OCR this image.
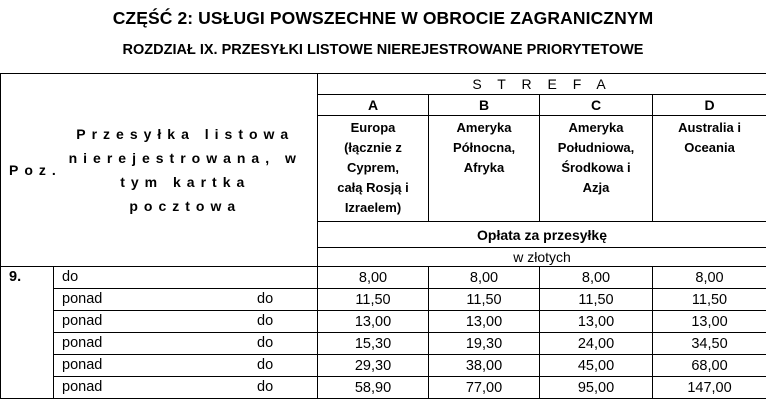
CZĘŚĆ 2: USŁUGI POWSZECHNE W OBROCIE ZAGRANICZNYM
ROZDZIAŁ IX. PRZESYŁKI LISTOWE NIEREJESTROWANE PRIORYTETOWE
Poz.	Przesyłka listowa nierejestrowana, w tym kartka pocztowa	S T R E F A			
		A	B	C	D

		Europa (łącznie z Cyprem, całą Rosją i Izraelem)	Ameryka Północna, Afryka	Ameryka Południowa, Środkowa i Azja	Australia i Oceania

		Opłata za przesyłkę			
		w złotych			

9.	do	8,00	8,00	8,00	8,00

	ponad do	11,50	11,50	11,50	11,50

	ponad do	13,00	13,00	13,00	13,00

	ponad do	15,30	19,30	24,00	34,50

	ponad do	29,30	38,00	45,00	68,00

	ponad do	58,90	77,00	95,00	147,00
